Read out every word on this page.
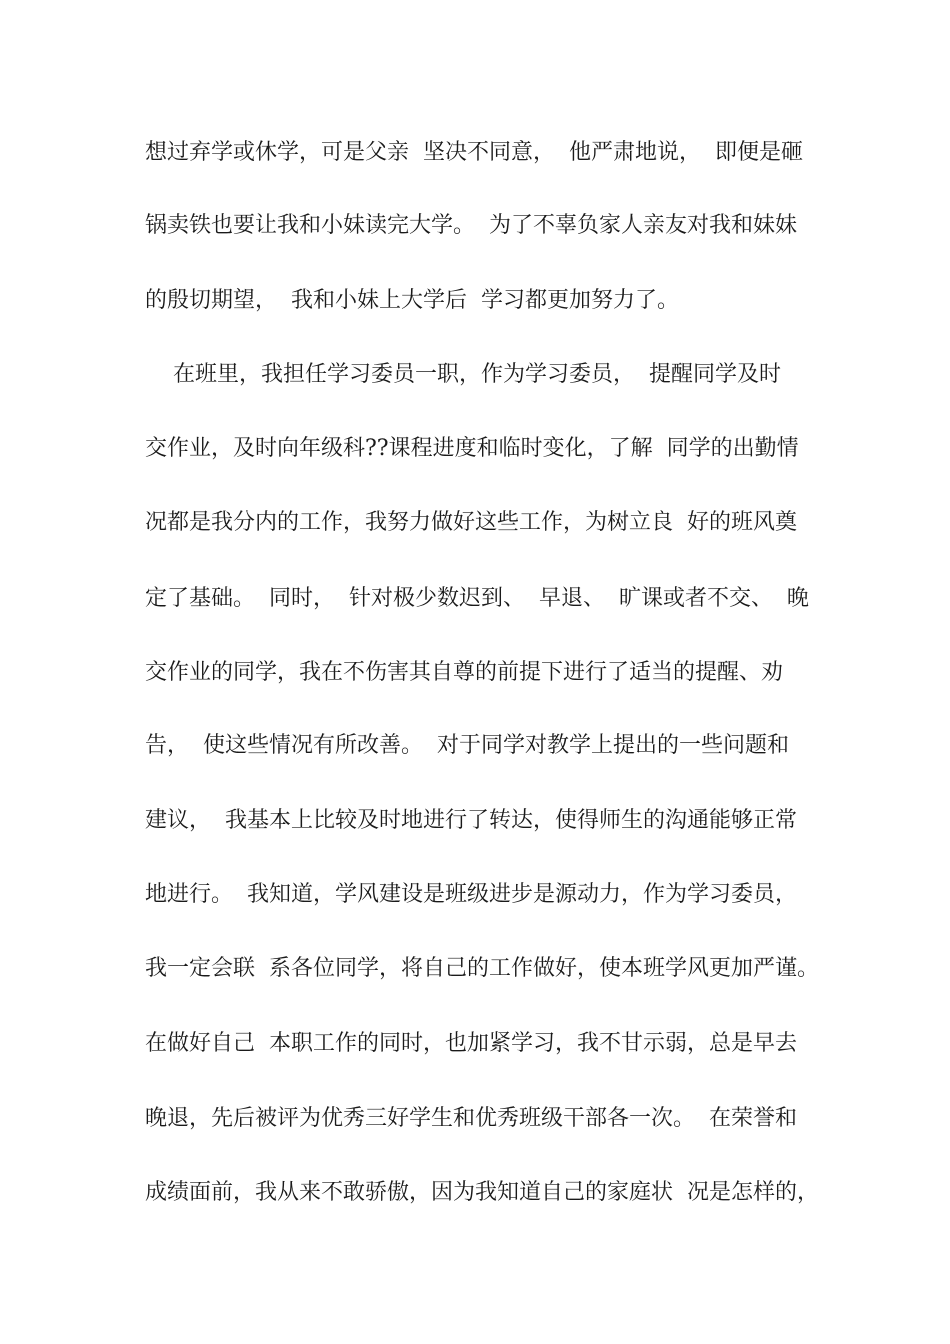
想过弃学或休学，可是父亲  坚决不同意，  他严肃地说，  即便是砸
锅卖铁也要让我和小妹读完大学。  为了不辜负家人亲友对我和妹妹
的殷切期望，  我和小妹上大学后  学习都更加努力了。
在班里，我担任学习委员一职，作为学习委员，  提醒同学及时
交作业，及时向年级科??课程进度和临时变化，了解  同学的出勤情
况都是我分内的工作，我努力做好这些工作，为树立良  好的班风奠
定了基础。  同时，  针对极少数迟到、  早退、  旷课或者不交、  晚
交作业的同学，我在不伤害其自尊的前提下进行了适当的提醒、劝
告，  使这些情况有所改善。  对于同学对教学上提出的一些问题和
建议，  我基本上比较及时地进行了转达，使得师生的沟通能够正常
地进行。  我知道，学风建设是班级进步是源动力，作为学习委员，
我一定会联  系各位同学，将自己的工作做好，使本班学风更加严谨。
在做好自己  本职工作的同时，也加紧学习，我不甘示弱，总是早去
晚退，先后被评为优秀三好学生和优秀班级干部各一次。  在荣誉和
成绩面前，我从来不敢骄傲，因为我知道自己的家庭状  况是怎样的，
